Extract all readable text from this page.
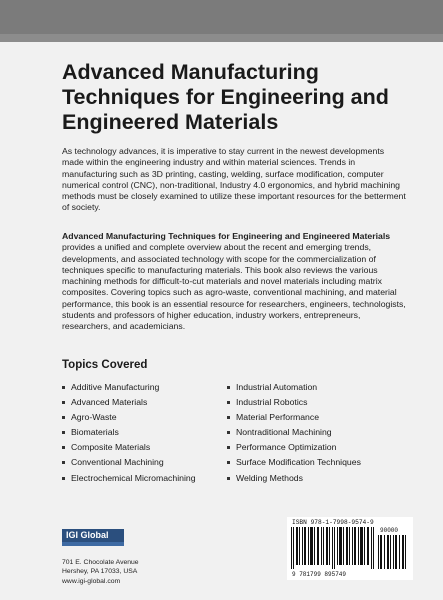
Advanced Manufacturing Techniques for Engineering and Engineered Materials

As technology advances, it is imperative to stay current in the newest developments made within the engineering industry and within material sciences. Trends in manufacturing such as 3D printing, casting, welding, surface modification, computer numerical control (CNC), non-traditional, Industry 4.0 ergonomics, and hybrid machining methods must be closely examined to utilize these important resources for the betterment of society.

Advanced Manufacturing Techniques for Engineering and Engineered Materials provides a unified and complete overview about the recent and emerging trends, developments, and associated technology with scope for the commercialization of techniques specific to manufacturing materials. This book also reviews the various machining methods for difficult-to-cut materials and novel materials including matrix composites. Covering topics such as agro-waste, conventional machining, and material performance, this book is an essential resource for researchers, engineers, technologists, students and professors of higher education, industry workers, entrepreneurs, researchers, and academicians.

Topics Covered
Additive Manufacturing
Advanced Materials
Agro-Waste
Biomaterials
Composite Materials
Conventional Machining
Electrochemical Micromachining
Industrial Automation
Industrial Robotics
Material Performance
Nontraditional Machining
Performance Optimization
Surface Modification Techniques
Welding Methods
IGI Global
701 E. Chocolate Avenue
Hershey, PA 17033, USA
www.igi-global.com
ISBN 978-1-7998-9574-9
90000
9 781799 895749
